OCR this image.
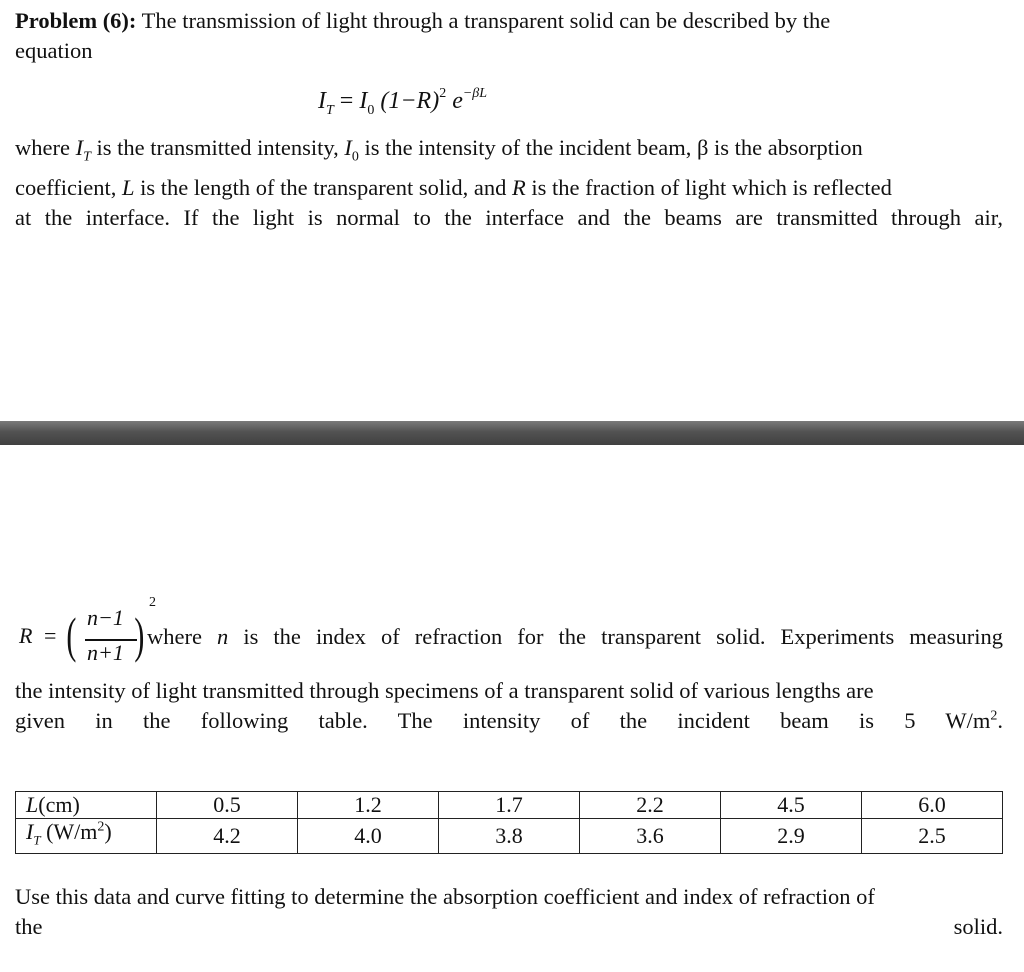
Problem (6): The transmission of light through a transparent solid can be described by the
equation

$I_T = I_0$ $(1-R)^2$ $e^{-\beta L}$

where $I_T$ is the transmitted intensity, $I_0$ is the intensity of the incident beam, β is the absorption
coefficient, L is the length of the transparent solid, and R is the fraction of light which is reflected
at the interface. If the light is normal to the interface and the beams are transmitted through air,

R = ( n−1
n+1 )
2

where n is the index of refraction for the transparent solid. Experiments measuring

the intensity of light transmitted through specimens of a transparent solid of various lengths are
given in the following table. The intensity of the incident beam is 5 $W/m^2$.

L(cm)	0.5	1.2	1.7	2.2	4.5	6.0
$I_T$ $(W/m^2)$	4.2	4.0	3.8	3.6	2.9	2.5

Use this data and curve fitting to determine the absorption coefficient and index of refraction of
the solid.
